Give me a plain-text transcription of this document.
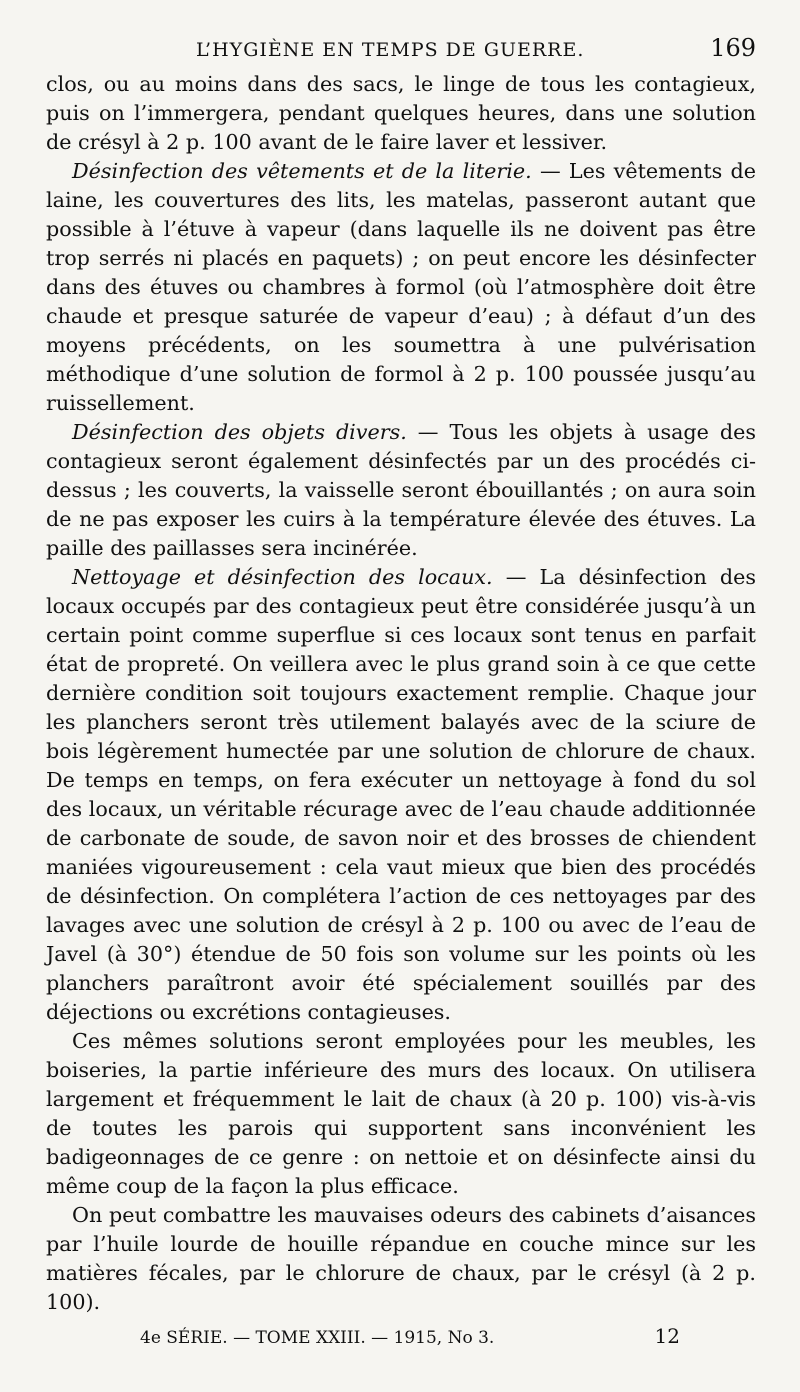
L’HYGIÈNE EN TEMPS DE GUERRE.	169

clos, ou au moins dans des sacs, le linge de tous les contagieux, puis on l’immergera, pendant quelques heures, dans une solution de crésyl à 2 p. 100 avant de le faire laver et lessiver.

Désinfection des vêtements et de la literie. — Les vêtements de laine, les couvertures des lits, les matelas, passeront autant que possible à l’étuve à vapeur (dans laquelle ils ne doivent pas être trop serrés ni placés en paquets) ; on peut encore les désinfecter dans des étuves ou chambres à formol (où l’atmosphère doit être chaude et presque saturée de vapeur d’eau) ; à défaut d’un des moyens précédents, on les soumettra à une pulvérisation méthodique d’une solution de formol à 2 p. 100 poussée jusqu’au ruissellement.

Désinfection des objets divers. — Tous les objets à usage des contagieux seront également désinfectés par un des procédés ci-dessus ; les couverts, la vaisselle seront ébouillantés ; on aura soin de ne pas exposer les cuirs à la température élevée des étuves. La paille des paillasses sera incinérée.

Nettoyage et désinfection des locaux. — La désinfection des locaux occupés par des contagieux peut être considérée jusqu’à un certain point comme superflue si ces locaux sont tenus en parfait état de propreté. On veillera avec le plus grand soin à ce que cette dernière condition soit toujours exactement remplie. Chaque jour les planchers seront très utilement balayés avec de la sciure de bois légèrement humectée par une solution de chlorure de chaux. De temps en temps, on fera exécuter un nettoyage à fond du sol des locaux, un véritable récurage avec de l’eau chaude additionnée de carbonate de soude, de savon noir et des brosses de chiendent maniées vigoureusement : cela vaut mieux que bien des procédés de désinfection. On complétera l’action de ces nettoyages par des lavages avec une solution de crésyl à 2 p. 100 ou avec de l’eau de Javel (à 30°) étendue de 50 fois son volume sur les points où les planchers paraîtront avoir été spécialement souillés par des déjections ou excrétions contagieuses.

Ces mêmes solutions seront employées pour les meubles, les boiseries, la partie inférieure des murs des locaux. On utilisera largement et fréquemment le lait de chaux (à 20 p. 100) vis-à-vis de toutes les parois qui supportent sans inconvénient les badigeonnages de ce genre : on nettoie et on désinfecte ainsi du même coup de la façon la plus efficace.

On peut combattre les mauvaises odeurs des cabinets d’aisances par l’huile lourde de houille répandue en couche mince sur les matières fécales, par le chlorure de chaux, par le crésyl (à 2 p. 100).

4e SÉRIE. — TOME XXIII. — 1915, No 3.	12
